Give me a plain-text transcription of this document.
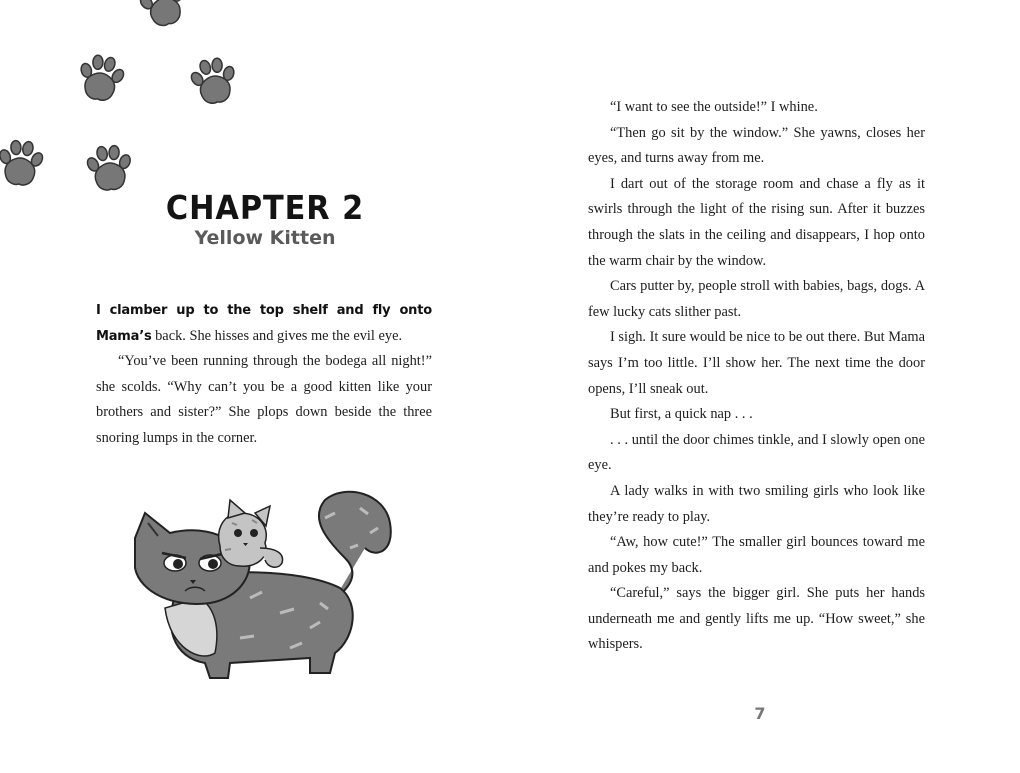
CHAPTER 2
Yellow Kitten

I clamber up to the top shelf and fly onto Mama’s back. She hisses and gives me the evil eye.

“You’ve been running through the bodega all night!” she scolds. “Why can’t you be a good kitten like your brothers and sister?” She plops down beside the three snoring lumps in the corner.

“I want to see the outside!” I whine.

“Then go sit by the window.” She yawns, closes her eyes, and turns away from me.

I dart out of the storage room and chase a fly as it swirls through the light of the rising sun. After it buzzes through the slats in the ceiling and disappears, I hop onto the warm chair by the window.

Cars putter by, people stroll with babies, bags, dogs. A few lucky cats slither past.

I sigh. It sure would be nice to be out there. But Mama says I’m too little. I’ll show her. The next time the door opens, I’ll sneak out.

But first, a quick nap . . .

. . . until the door chimes tinkle, and I slowly open one eye.

A lady walks in with two smiling girls who look like they’re ready to play.

“Aw, how cute!” The smaller girl bounces toward me and pokes my back.

“Careful,” says the bigger girl. She puts her hands underneath me and gently lifts me up. “How sweet,” she whispers.

7
